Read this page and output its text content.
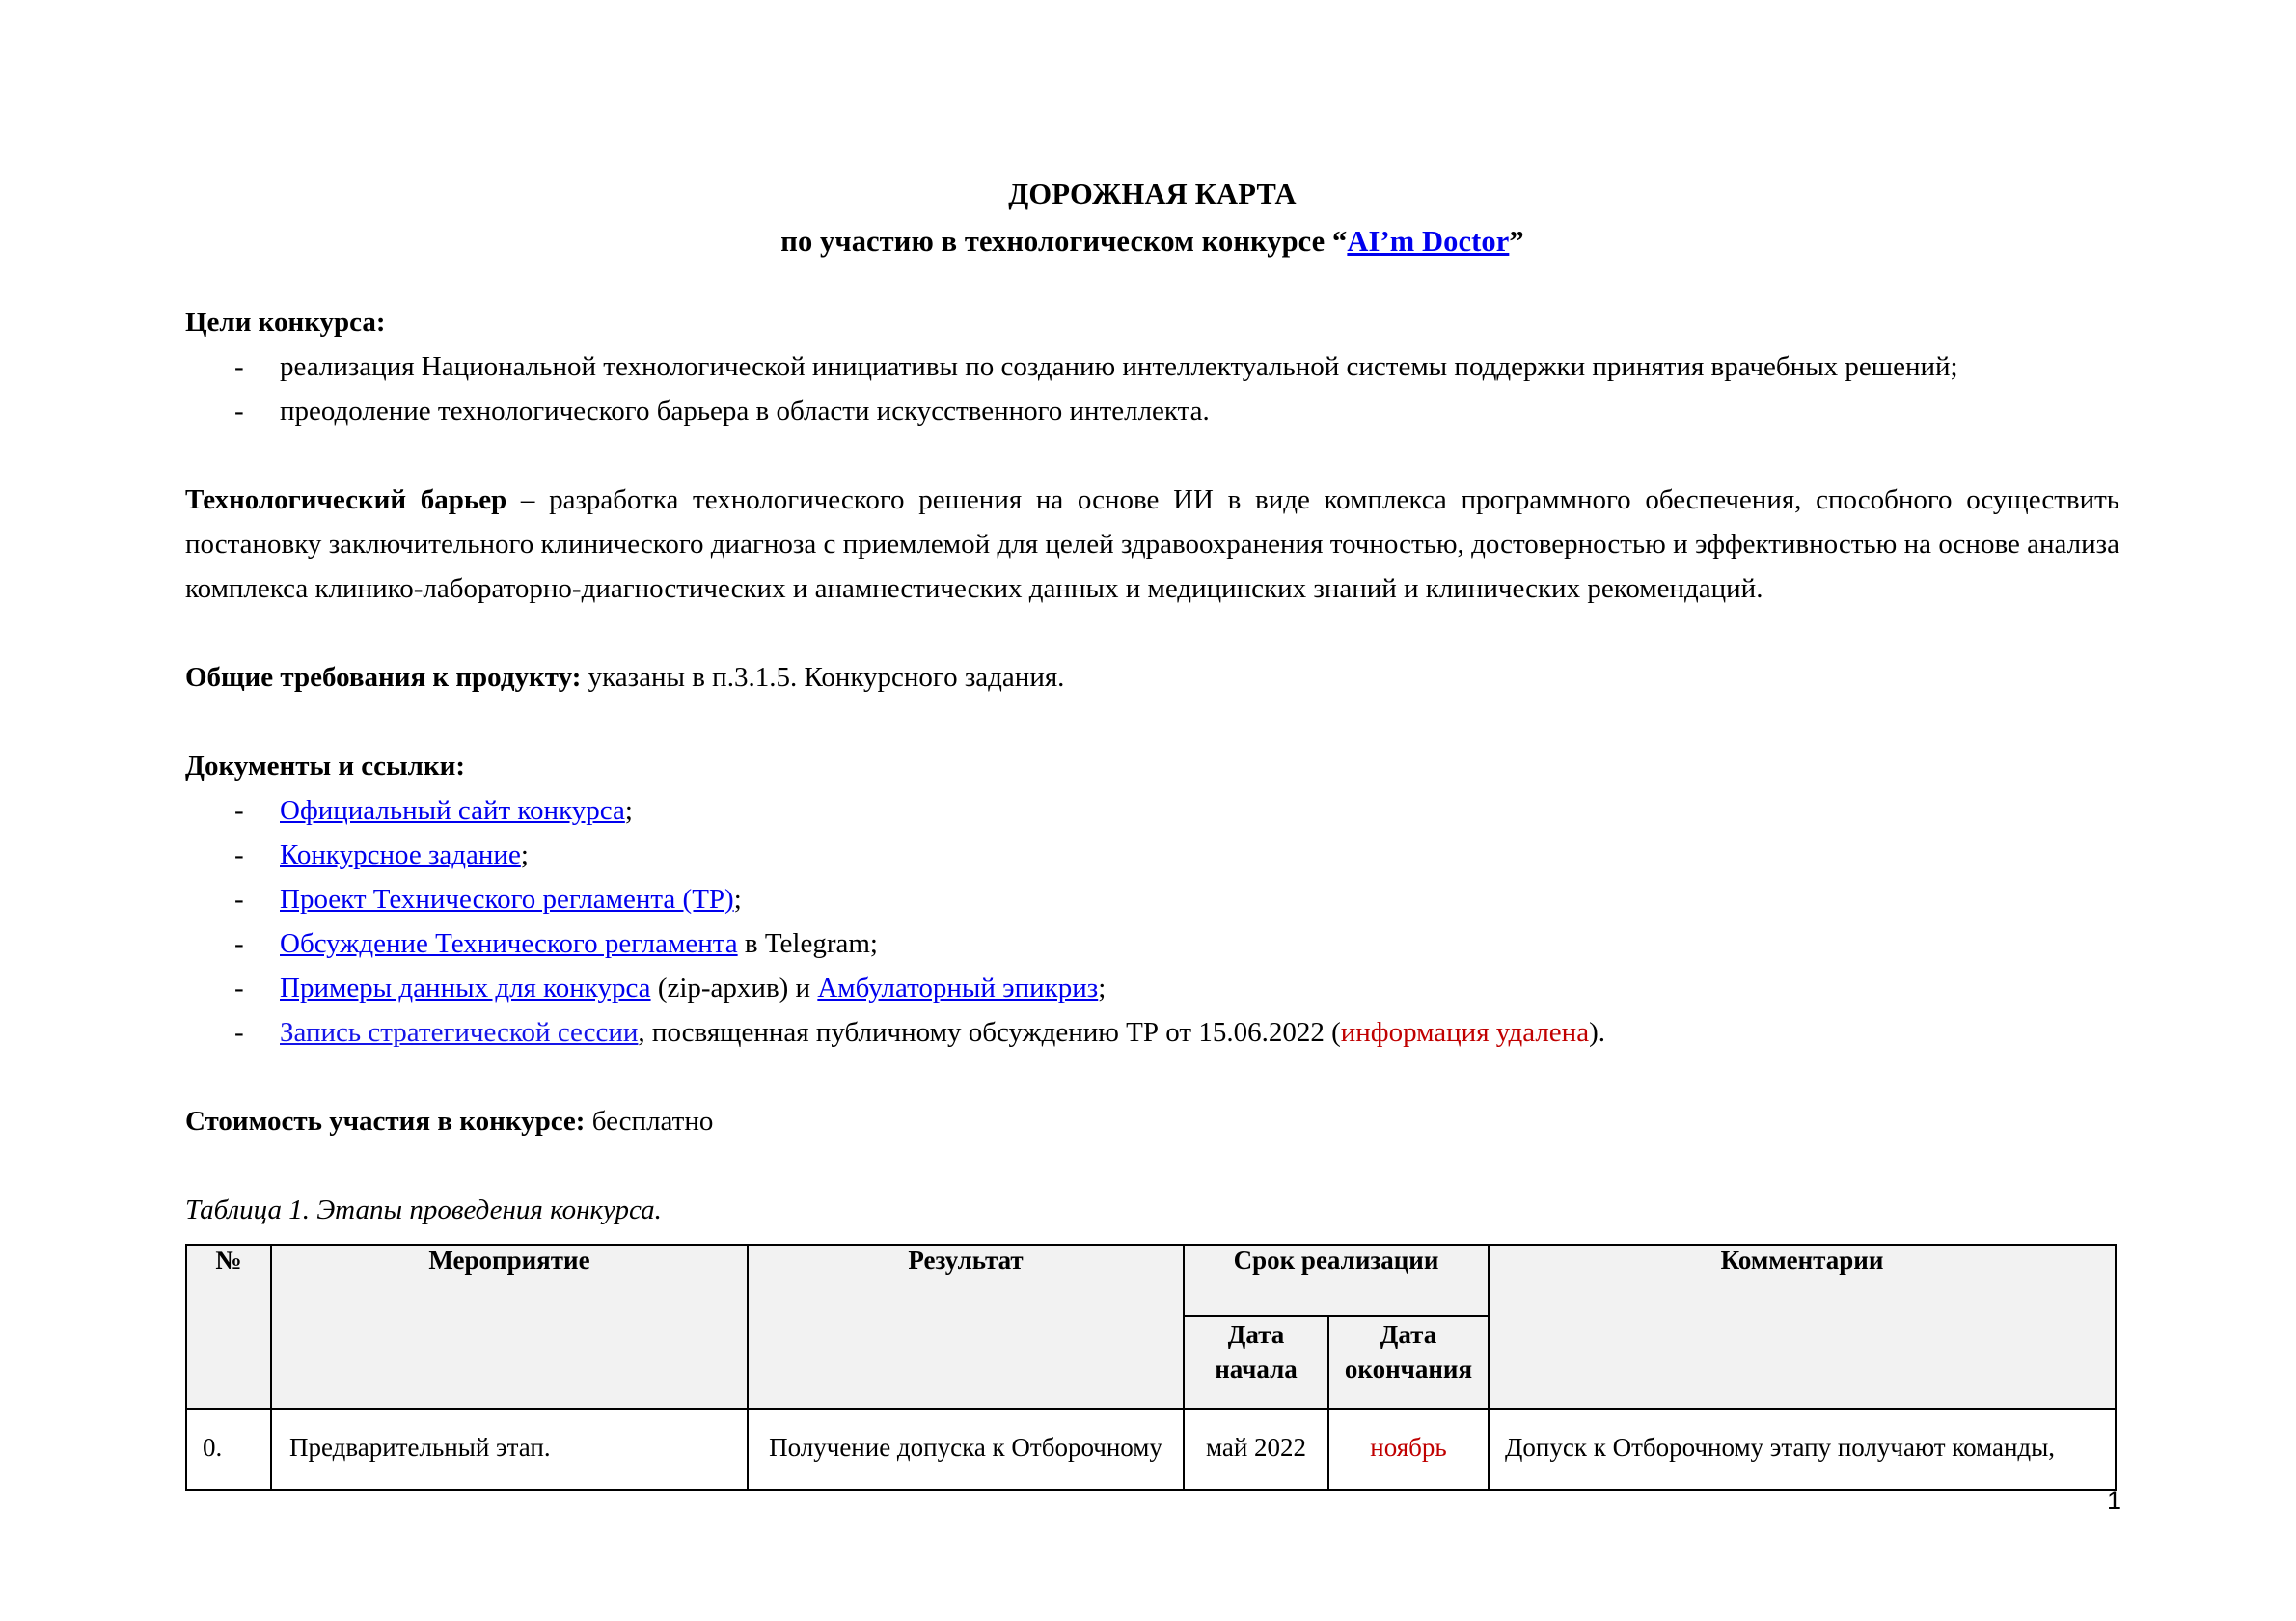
ДОРОЖНАЯ КАРТА
по участию в технологическом конкурсе “AI’m Doctor”
Цели конкурса:
- реализация Национальной технологической инициативы по созданию интеллектуальной системы поддержки принятия врачебных решений;
- преодоление технологического барьера в области искусственного интеллекта.
Технологический барьер – разработка технологического решения на основе ИИ в виде комплекса программного обеспечения, способного осуществить постановку заключительного клинического диагноза с приемлемой для целей здравоохранения точностью, достоверностью и эффективностью на основе анализа комплекса клинико-лабораторно-диагностических и анамнестических данных и медицинских знаний и клинических рекомендаций.
Общие требования к продукту: указаны в п.3.1.5. Конкурсного задания.
Документы и ссылки:
- Официальный сайт конкурса;
- Конкурсное задание;
- Проект Технического регламента (ТР);
- Обсуждение Технического регламента в Telegram;
- Примеры данных для конкурса (zip-архив) и Амбулаторный эпикриз;
- Запись стратегической сессии, посвященная публичному обсуждению ТР от 15.06.2022 (информация удалена).
Стоимость участия в конкурсе: бесплатно
Таблица 1. Этапы проведения конкурса.
№	Мероприятие	Результат	Срок реализации		Комментарии
			Дата начала	Дата окончания	
0.	Предварительный этап.	Получение допуска к Отборочному	май 2022	ноябрь	Допуск к Отборочному этапу получают команды,
1
